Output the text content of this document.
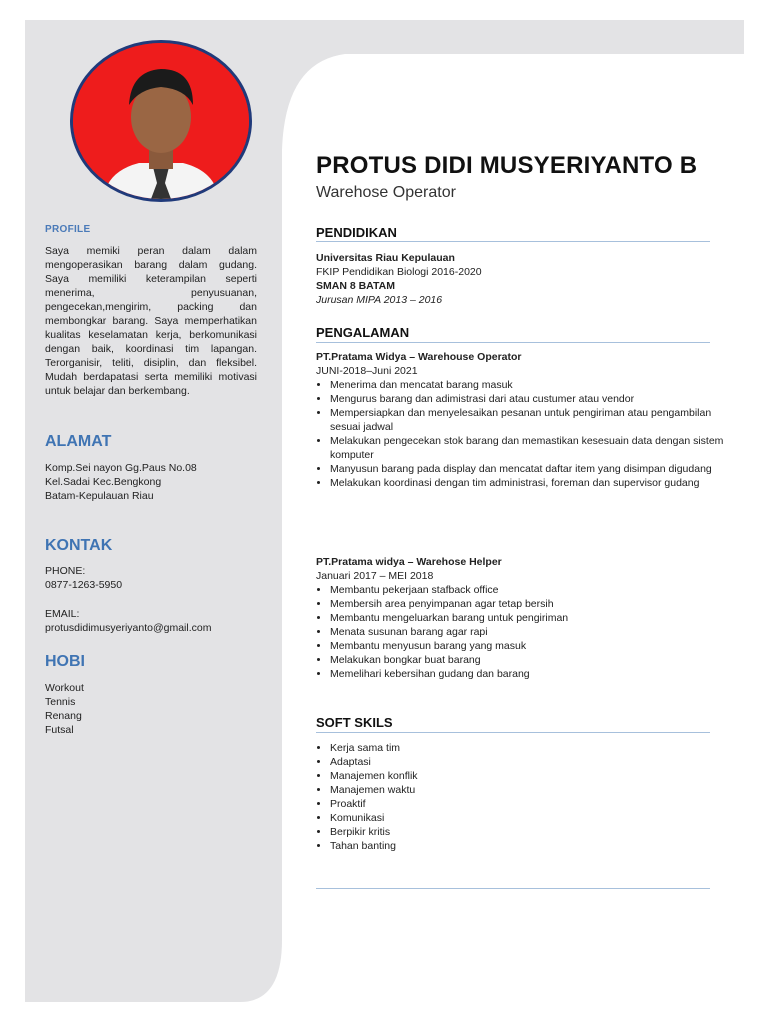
PROFILE
Saya memiki peran dalam dalam mengoperasikan barang dalam gudang. Saya memiliki keterampilan seperti menerima, penyusuanan, pengecekan,mengirim, packing dan membongkar barang. Saya memperhatikan kualitas keselamatan kerja, berkomunikasi dengan baik, koordinasi tim lapangan. Terorganisir, teliti, disiplin, dan fleksibel. Mudah berdapatasi serta memiliki motivasi untuk belajar dan berkembang.
ALAMAT
Komp.Sei nayon Gg.Paus No.08
Kel.Sadai Kec.Bengkong
Batam-Kepulauan Riau
KONTAK
PHONE:
0877-1263-5950
EMAIL:
protusdidimusyeriyanto@gmail.com
HOBI
Workout
Tennis
Renang
Futsal
PROTUS DIDI MUSYERIYANTO B
Warehose Operator
PENDIDIKAN
Universitas Riau Kepulauan
FKIP Pendidikan Biologi 2016-2020
SMAN 8 BATAM
Jurusan MIPA 2013 – 2016
PENGALAMAN
PT.Pratama Widya – Warehouse Operator
JUNI-2018–Juni 2021
• Menerima dan mencatat barang masuk
• Mengurus barang dan adimistrasi dari atau custumer atau vendor
• Mempersiapkan dan menyelesaikan pesanan untuk pengiriman atau pengambilan sesuai jadwal
• Melakukan pengecekan stok barang dan memastikan kesesuain data dengan sistem komputer
• Manyusun barang pada display dan mencatat daftar item yang disimpan digudang
• Melakukan koordinasi dengan tim administrasi, foreman dan supervisor gudang
PT.Pratama widya – Warehose Helper
Januari 2017 – MEI 2018
• Membantu pekerjaan stafback office
• Membersih area penyimpanan agar tetap bersih
• Membantu mengeluarkan barang untuk pengiriman
• Menata susunan barang agar rapi
• Membantu menyusun barang yang masuk
• Melakukan bongkar buat barang
• Memelihari kebersihan gudang dan barang
SOFT SKILS
• Kerja sama tim
• Adaptasi
• Manajemen konflik
• Manajemen waktu
• Proaktif
• Komunikasi
• Berpikir kritis
• Tahan banting
